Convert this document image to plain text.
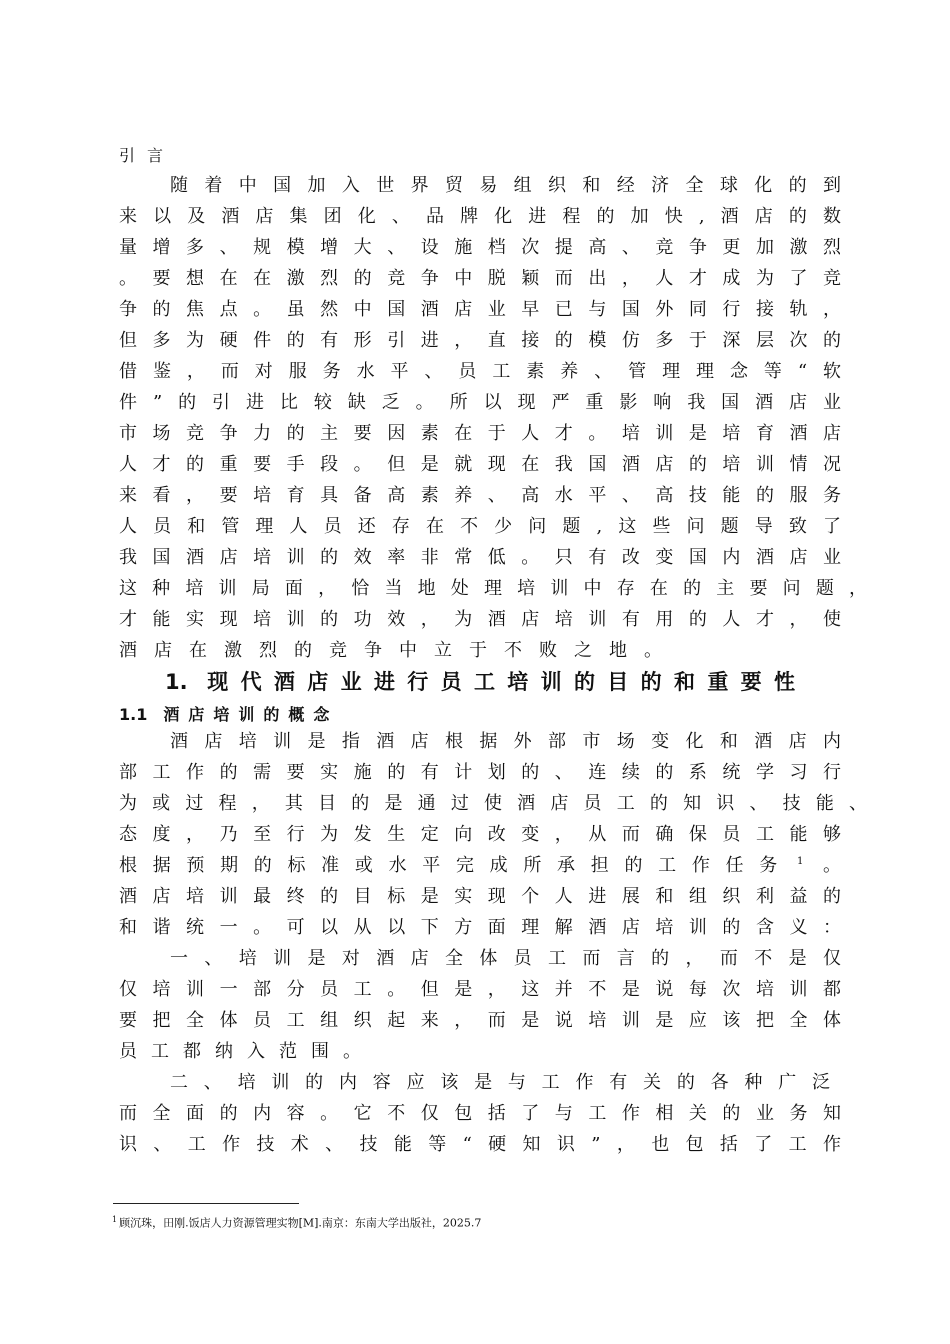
引言
随着中国加入世界贸易组织和经济全球化的到
来以及酒店集团化、品牌化进程的加快,酒店的数
量增多、规模增大、设施档次提高、竞争更加激烈
。要想在在激烈的竞争中脱颖而出，人才成为了竞
争的焦点。虽然中国酒店业早已与国外同行接轨，
但多为硬件的有形引进，直接的模仿多于深层次的
借鉴，而对服务水平、员工素养、管理理念等“软
件”的引进比较缺乏。所以现严重影响我国酒店业
市场竞争力的主要因素在于人才。培训是培育酒店
人才的重要手段。但是就现在我国酒店的培训情况
来看，要培育具备高素养、高水平、高技能的服务
人员和管理人员还存在不少问题,这些问题导致了
我国酒店培训的效率非常低。只有改变国内酒店业
这种培训局面，恰当地处理培训中存在的主要问题，
才能实现培训的功效，为酒店培训有用的人才，使
酒店在激烈的竞争中立于不败之地。
1. 现代酒店业进行员工培训的目的和重要性
1.1 酒店培训的概念
酒店培训是指酒店根据外部市场变化和酒店内
部工作的需要实施的有计划的、连续的系统学习行
为或过程，其目的是通过使酒店员工的知识、技能、
态度，乃至行为发生定向改变，从而确保员工能够
根据预期的标准或水平完成所承担的工作任务 $^1$ 。
酒店培训最终的目标是实现个人进展和组织利益的
和谐统一。可以从以下方面理解酒店培训的含义：
一、培训是对酒店全体员工而言的，而不是仅
仅培训一部分员工。但是，这并不是说每次培训都
要把全体员工组织起来，而是说培训是应该把全体
员工都纳入范围。
二、培训的内容应该是与工作有关的各种广泛
而全面的内容。它不仅包括了与工作相关的业务知
识、工作技术、技能等“硬知识”，也包括了工作
$^1$ 顾沉珠，田刚.饭店人力资源管理实物[M].南京：东南大学出版社，2025.7
